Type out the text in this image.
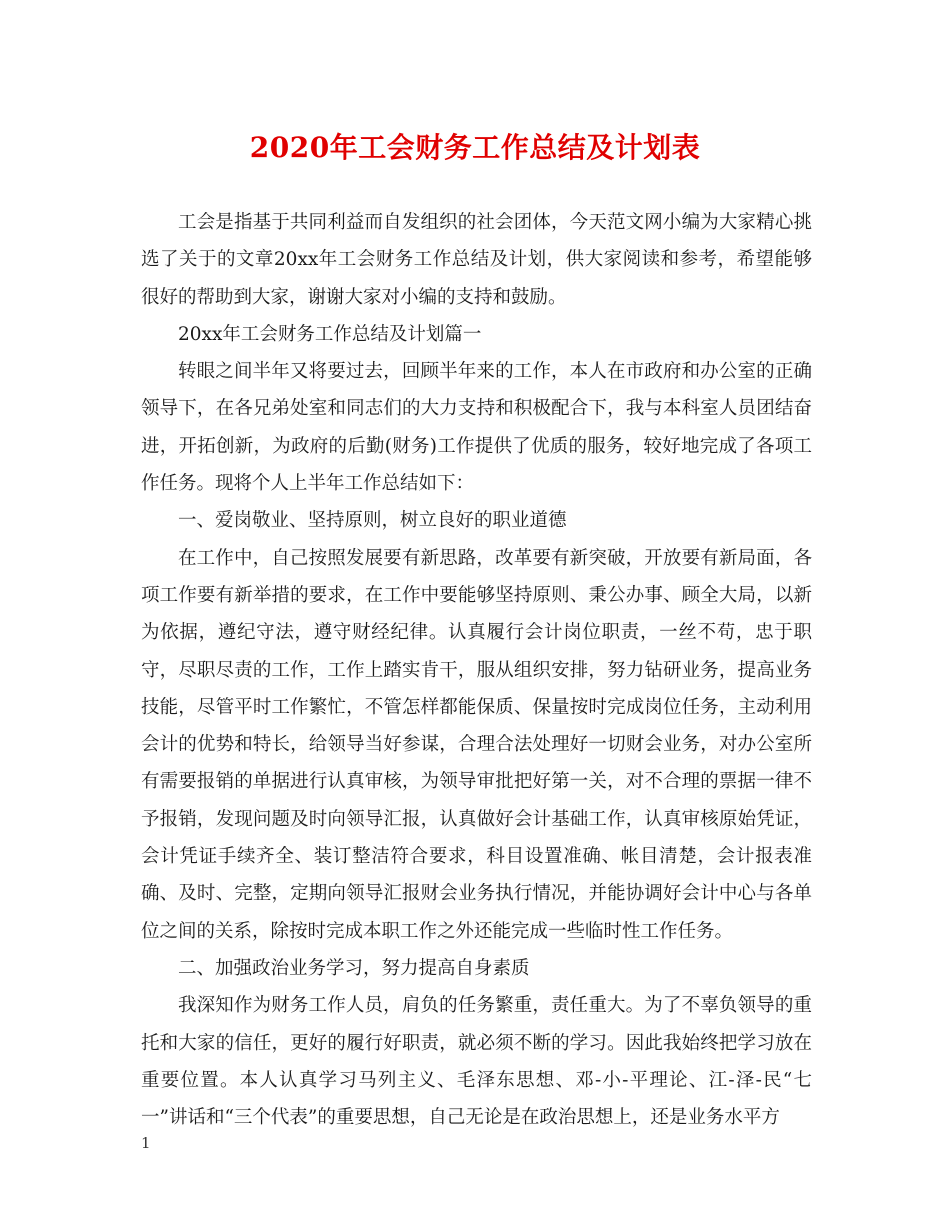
2020年工会财务工作总结及计划表

工会是指基于共同利益而自发组织的社会团体，今天范文网小编为大家精心挑选了关于的文章20xx年工会财务工作总结及计划，供大家阅读和参考，希望能够很好的帮助到大家，谢谢大家对小编的支持和鼓励。

20xx年工会财务工作总结及计划篇一

转眼之间半年又将要过去，回顾半年来的工作，本人在市政府和办公室的正确领导下，在各兄弟处室和同志们的大力支持和积极配合下，我与本科室人员团结奋进，开拓创新，为政府的后勤(财务)工作提供了优质的服务，较好地完成了各项工作任务。现将个人上半年工作总结如下：

一、爱岗敬业、坚持原则，树立良好的职业道德

在工作中，自己按照发展要有新思路，改革要有新突破，开放要有新局面，各项工作要有新举措的要求，在工作中要能够坚持原则、秉公办事、顾全大局，以新为依据，遵纪守法，遵守财经纪律。认真履行会计岗位职责，一丝不苟，忠于职守，尽职尽责的工作，工作上踏实肯干，服从组织安排，努力钻研业务，提高业务技能，尽管平时工作繁忙，不管怎样都能保质、保量按时完成岗位任务，主动利用会计的优势和特长，给领导当好参谋，合理合法处理好一切财会业务，对办公室所有需要报销的单据进行认真审核，为领导审批把好第一关，对不合理的票据一律不予报销，发现问题及时向领导汇报，认真做好会计基础工作，认真审核原始凭证，会计凭证手续齐全、装订整洁符合要求，科目设置准确、帐目清楚，会计报表准确、及时、完整，定期向领导汇报财会业务执行情况，并能协调好会计中心与各单位之间的关系，除按时完成本职工作之外还能完成一些临时性工作任务。

二、加强政治业务学习，努力提高自身素质

我深知作为财务工作人员，肩负的任务繁重，责任重大。为了不辜负领导的重托和大家的信任，更好的履行好职责，就必须不断的学习。因此我始终把学习放在重要位置。本人认真学习马列主义、毛泽东思想、邓-小-平理论、江-泽-民“七一”讲话和“三个代表”的重要思想，自己无论是在政治思想上，还是业务水平方

1
